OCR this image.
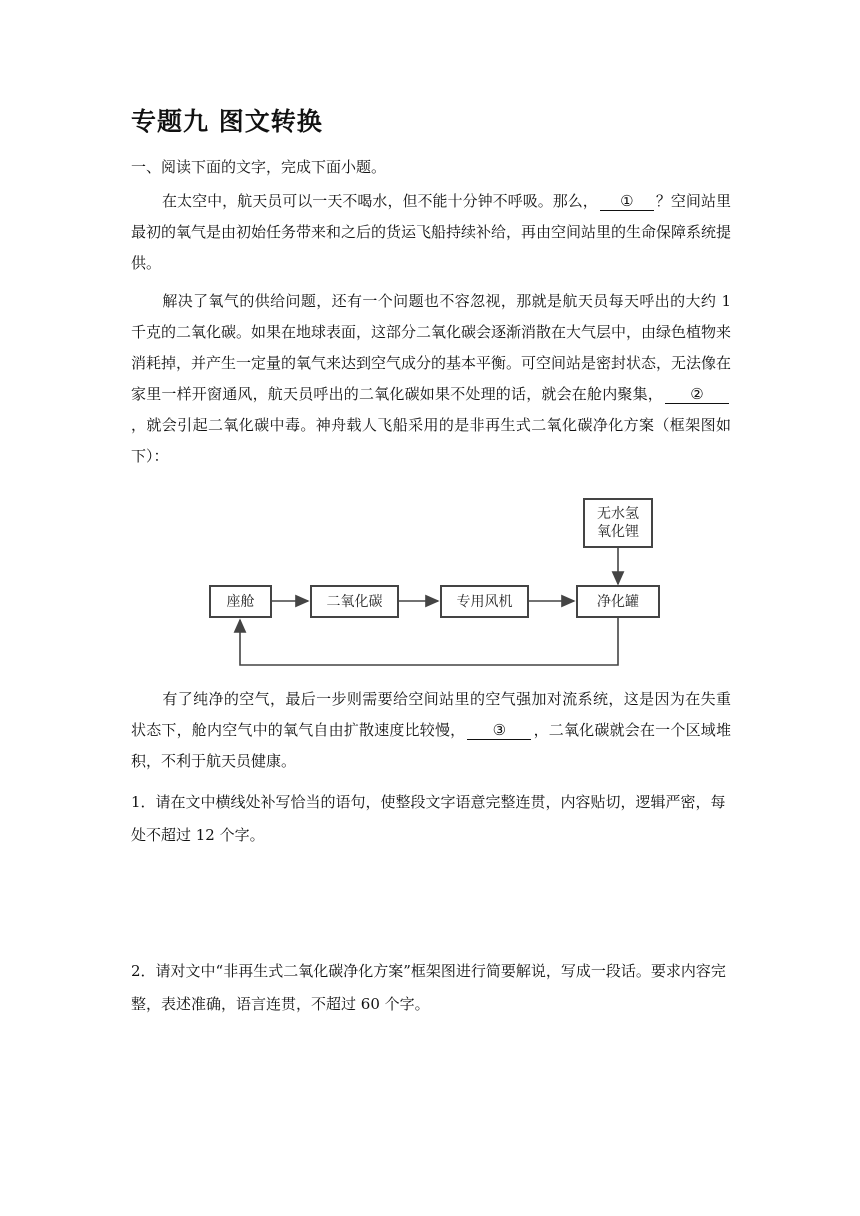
专题九 图文转换
一、阅读下面的文字，完成下面小题。

在太空中，航天员可以一天不喝水，但不能十分钟不呼吸。那么， ① ？空间站里最初的氧气是由初始任务带来和之后的货运飞船持续补给，再由空间站里的生命保障系统提供。

解决了氧气的供给问题，还有一个问题也不容忽视，那就是航天员每天呼出的大约 1 千克的二氧化碳。如果在地球表面，这部分二氧化碳会逐渐消散在大气层中，由绿色植物来消耗掉，并产生一定量的氧气来达到空气成分的基本平衡。可空间站是密封状态，无法像在家里一样开窗通风，航天员呼出的二氧化碳如果不处理的话，就会在舱内聚集， ②，就会引起二氧化碳中毒。神舟载人飞船采用的是非再生式二氧化碳净化方案（框架图如下）：

座舱	二氧化碳	专用风机	净化罐
无水氢氧化锂

有了纯净的空气，最后一步则需要给空间站里的空气强加对流系统，这是因为在失重状态下，舱内空气中的氧气自由扩散速度比较慢， ③ ，二氧化碳就会在一个区域堆积，不利于航天员健康。

1．请在文中横线处补写恰当的语句，使整段文字语意完整连贯，内容贴切，逻辑严密，每处不超过 12 个字。

2．请对文中“非再生式二氧化碳净化方案”框架图进行简要解说，写成一段话。要求内容完整，表述准确，语言连贯，不超过 60 个字。
